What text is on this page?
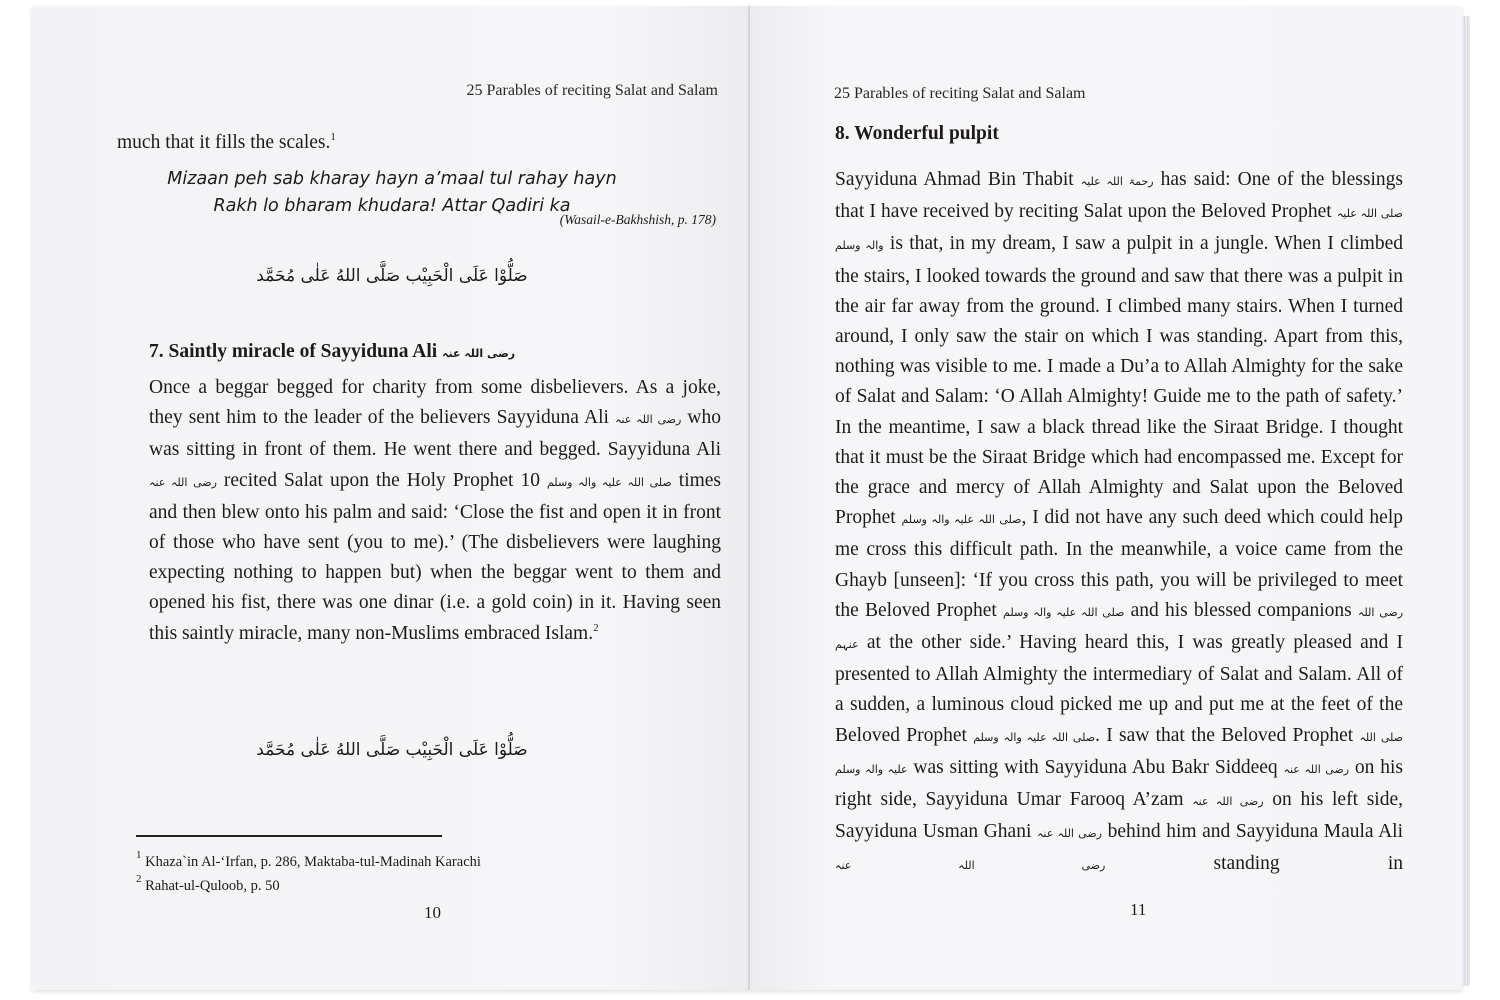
25 Parables of reciting Salat and Salam
much that it fills the scales.$^1$
Mizaan peh sab kharay hayn a’maal tul rahay hayn
Rakh lo bharam khudara! Attar Qadiri ka
(Wasail-e-Bakhshish, p. 178)
صَلُّوْا عَلَى الْحَبِيْب صَلَّى اللهُ عَلٰى مُحَمَّد
7. Saintly miracle of Sayyiduna Ali رضی اللہ عنہ

Once a beggar begged for charity from some disbelievers. As a joke, they sent him to the leader of the believers Sayyiduna Ali رضی اللہ عنہ who was sitting in front of them. He went there and begged. Sayyiduna Ali رضی اللہ عنہ recited Salat upon the Holy Prophet صلی اللہ علیہ والہ وسلم 10 times and then blew onto his palm and said: ‘Close the fist and open it in front of those who have sent (you to me).’ (The disbelievers were laughing expecting nothing to happen but) when the beggar went to them and opened his fist, there was one dinar (i.e. a gold coin) in it. Having seen this saintly miracle, many non-Muslims embraced Islam.$^2$

صَلُّوْا عَلَى الْحَبِيْب صَلَّى اللهُ عَلٰى مُحَمَّد
$^1$ Khaza`in Al-‘Irfan, p. 286, Maktaba-tul-Madinah Karachi
$^2$ Rahat-ul-Quloob, p. 50
10
25 Parables of reciting Salat and Salam
8. Wonderful pulpit

Sayyiduna Ahmad Bin Thabit رحمۃ اللہ علیہ has said: One of the blessings that I have received by reciting Salat upon the Beloved Prophet صلی اللہ علیہ والہ وسلم is that, in my dream, I saw a pulpit in a jungle. When I climbed the stairs, I looked towards the ground and saw that there was a pulpit in the air far away from the ground. I climbed many stairs. When I turned around, I only saw the stair on which I was standing. Apart from this, nothing was visible to me. I made a Du’a to Allah Almighty for the sake of Salat and Salam: ‘O Allah Almighty! Guide me to the path of safety.’ In the meantime, I saw a black thread like the Siraat Bridge. I thought that it must be the Siraat Bridge which had encompassed me. Except for the grace and mercy of Allah Almighty and Salat upon the Beloved Prophet صلی اللہ علیہ والہ وسلم, I did not have any such deed which could help me cross this difficult path. In the meanwhile, a voice came from the Ghayb [unseen]: ‘If you cross this path, you will be privileged to meet the Beloved Prophet صلی اللہ علیہ والہ وسلم and his blessed companions رضی اللہ عنہم at the other side.’ Having heard this, I was greatly pleased and I presented to Allah Almighty the intermediary of Salat and Salam. All of a sudden, a luminous cloud picked me up and put me at the feet of the Beloved Prophet صلی اللہ علیہ والہ وسلم. I saw that the Beloved Prophet صلی اللہ علیہ والہ وسلم was sitting with Sayyiduna Abu Bakr Siddeeq رضی اللہ عنہ on his right side, Sayyiduna Umar Farooq A’zam رضی اللہ عنہ on his left side, Sayyiduna Usman Ghani رضی اللہ عنہ behind him and Sayyiduna Maula Ali رضی اللہ عنہ standing in

11
